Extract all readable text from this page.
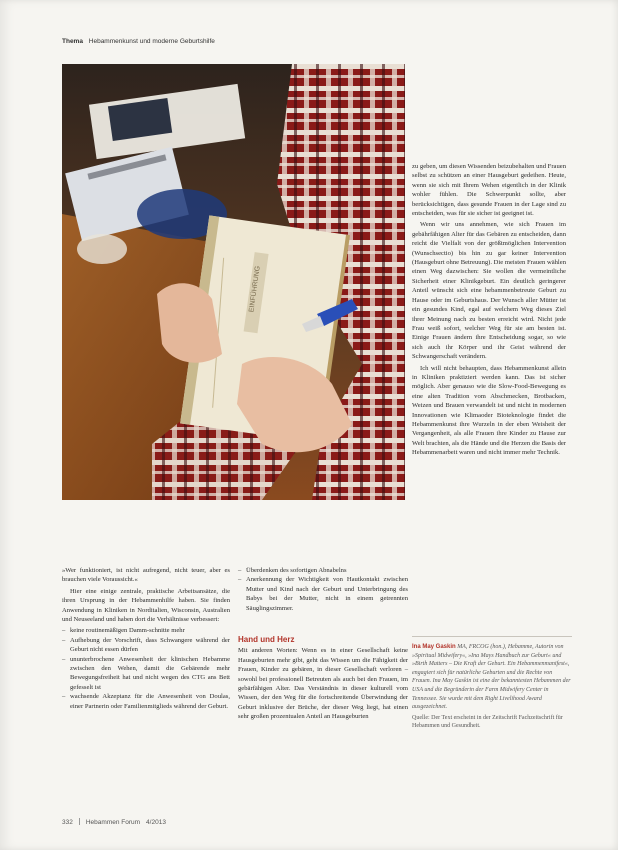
Thema Hebammenkunst und moderne Geburtshilfe
EINFÜHRUNG

»Wer funktioniert, ist nicht aufregend, nicht teuer, aber es brauchen viele Voraussicht.«

Hier eine einige zentrale, praktische Arbeitsansätze, die ihren Ursprung in der Hebammenhilfe haben. Sie finden Anwendung in Kliniken in Norditalien, Wisconsin, Australien und Neuseeland und haben dort die Verhältnisse verbessert:

– keine routinemäßigen Damm-schnitte mehr
– Aufhebung der Vorschrift, dass Schwangere während der Geburt nicht essen dürfen
– ununterbrochene Anwesenheit der klinischen Hebamme zwischen den Wehen, damit die Gebärende mehr Bewegungsfreiheit hat und nicht wegen des CTG ans Bett gefesselt ist
– wachsende Akzeptanz für die Anwesenheit von Doulas, einer Partnerin oder Familienmitglieds während der Geburt.
– Überdenken des sofortigen Abnabelns
– Anerkennung der Wichtigkeit von Hautkontakt zwischen Mutter und Kind nach der Geburt und Unterbringung des Babys bei der Mutter, nicht in einem getrennten Säuglingszimmer.
Hand und Herz

Mit anderen Worten: Wenn es in einer Gesellschaft keine Hausgeburten mehr gibt, geht das Wissen um die Fähigkeit der Frauen, Kinder zu gebären, in dieser Gesellschaft verloren – sowohl bei professionell Betreuten als auch bei den Frauen, im gebärfähigen Alter. Das Verständnis in dieser kulturell vom Wissen, der den Weg für die fortschreitende Überwindung der Geburt inklusive der Brüche, der dieser Weg liegt, hat einen sehr großen prozentualen Anteil an Hausgeburten

zu geben, um diesen Wissenden beizubehalten und Frauen selbst zu schützen an einer Hausgeburt gedeihen. Heute, wenn sie sich mit Ihrem Wehen eigentlich in der Klinik wohler fühlen. Die Schwerpunkt sollte, aber berücksichtigen, dass gesunde Frauen in der Lage sind zu entscheiden, was für sie sicher ist geeignet ist.

Wenn wir uns annehmen, wie sich Frauen im gebährfähigen Alter für das Gebären zu entscheiden, dann reicht die Vielfalt von der größtmöglichen Intervention (Wunschsectio) bis hin zu gar keiner Intervention (Hausgeburt ohne Betreuung). Die meisten Frauen wählen einen Weg dazwischen: Sie wollen die vermeintliche Sicherheit einer Klinikgeburt. Ein deutlich geringerer Anteil wünscht sich eine hebammenbetreute Geburt zu Hause oder im Geburtshaus. Der Wunsch aller Mütter ist ein gesundes Kind, egal auf welchem Weg dieses Ziel ihrer Meinung nach zu besten erreicht wird. Nicht jede Frau weiß sofort, welcher Weg für sie am besten ist. Einige Frauen ändern ihre Entscheidung sogar, so wie sich auch ihr Körper und ihr Geist während der Schwangerschaft verändern.

Ich will nicht behaupten, dass Hebammenkunst allein in Kliniken praktiziert werden kann. Das ist sicher möglich. Aber genauso wie die Slow-Food-Bewegung es eine alten Tradition vom Abschmecken, Brotbacken, Weizen und Brauen verwandelt ist und nicht in modernen Innovationen wie Klimaoder Bioteknologie findet die Hebammenkunst ihre Wurzeln in der eben Weisheit der Vergangenheit, als alle Frauen ihre Kinder zu Hause zur Welt brachten, als die Hände und die Herzen die Basis der Hebammenarbeit waren und nicht immer mehr Technik.

Ina May Gaskin MA, FRCOG (hon.), Hebamme, Autorin von »Spiritual Midwifery«, »Ina Mays Handbuch zur Geburt« und »Birth Matters – Die Kraft der Geburt. Ein Hebammenmanifest«, engagiert sich für natürliche Geburten und die Rechte von Frauen. Ina May Gaskin ist eine der bekanntesten Hebammen der USA und die Begründerin der Farm Midwifery Center in Tennessee. Sie wurde mit dem Right Livelihood Award ausgezeichnet.
Quelle: Der Text erscheint in der Zeitschrift Fachzeitschrift für Hebammen und Gesundheit.
332 Hebammen Forum 4/2013
